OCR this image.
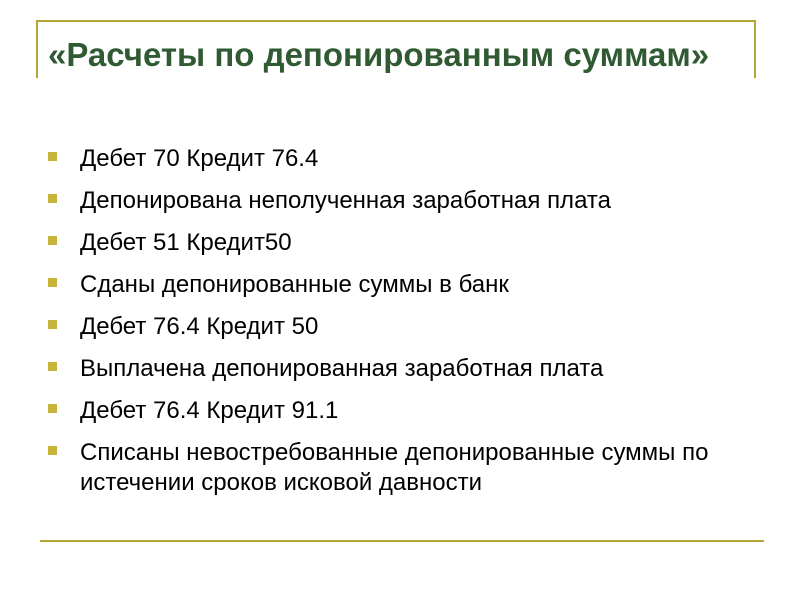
«Расчеты по депонированным суммам»
Дебет 70 Кредит 76.4
Депонирована неполученная заработная плата
Дебет 51 Кредит50
Сданы депонированные суммы в банк
Дебет 76.4 Кредит 50
Выплачена депонированная заработная плата
Дебет 76.4 Кредит 91.1
Списаны невостребованные депонированные суммы по истечении сроков исковой давности
